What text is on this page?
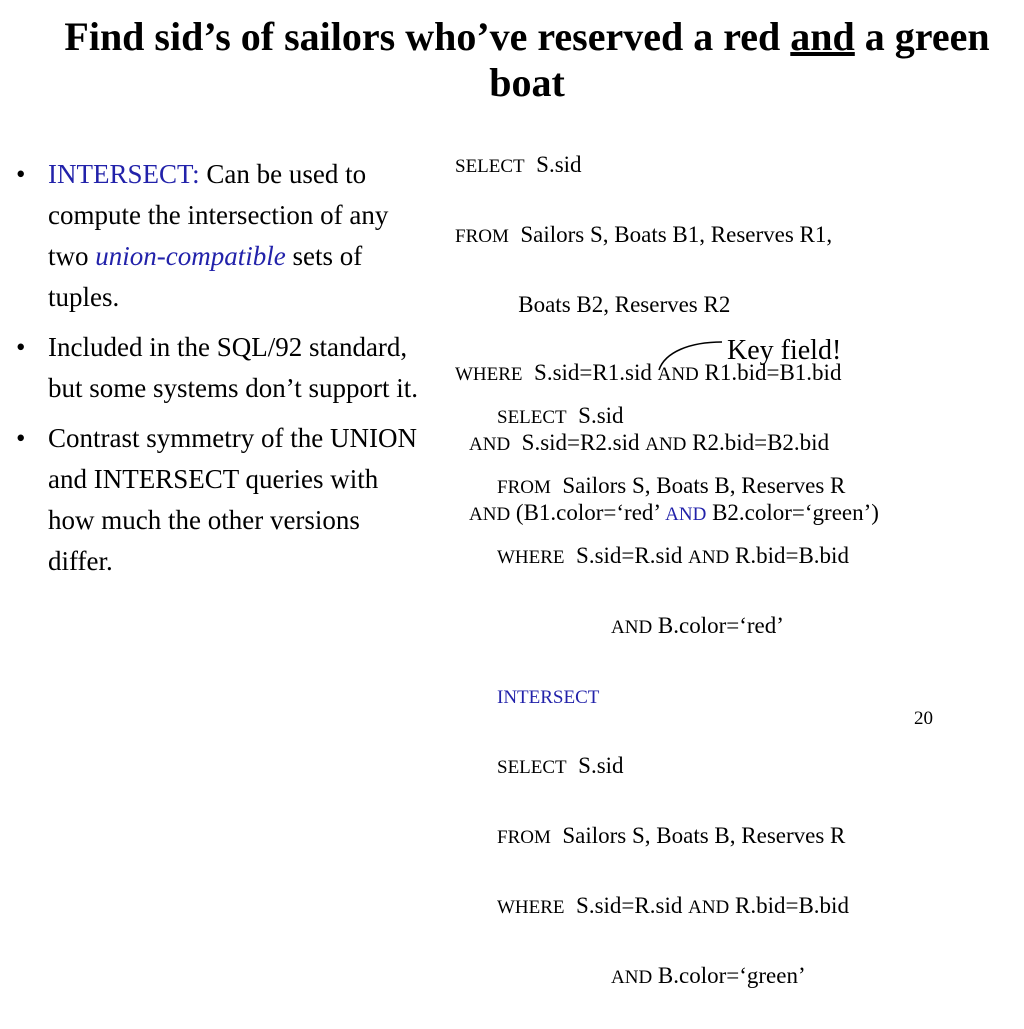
Find sid’s of sailors who’ve reserved a red and a green boat
• INTERSECT: Can be used to compute the intersection of any two union-compatible sets of tuples.
• Included in the SQL/92 standard, but some systems don’t support it.
• Contrast symmetry of the UNION and INTERSECT queries with how much the other versions differ.

SELECT  S.sid

FROM  Sailors S, Boats B1, Reserves R1,

Boats B2, Reserves R2

WHERE  S.sid=R1.sid AND R1.bid=B1.bid

AND  S.sid=R2.sid AND R2.bid=B2.bid

AND (B1.color=‘red’ AND B2.color=‘green’)

Key field!

SELECT  S.sid

FROM  Sailors S, Boats B, Reserves R

WHERE  S.sid=R.sid AND R.bid=B.bid

AND B.color=‘red’

INTERSECT

SELECT  S.sid

FROM  Sailors S, Boats B, Reserves R

WHERE  S.sid=R.sid AND R.bid=B.bid

AND B.color=‘green’

20
